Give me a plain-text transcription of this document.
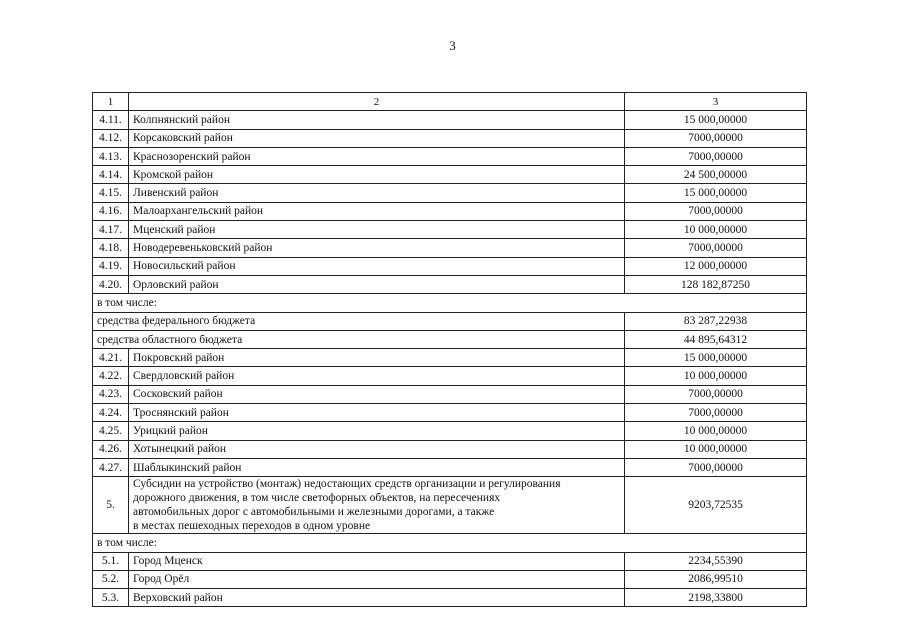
3
1	2	3
4.11.	Колпнянский район	15 000,00000
4.12.	Корсаковский район	7000,00000
4.13.	Краснозоренский район	7000,00000
4.14.	Кромской район	24 500,00000
4.15.	Ливенский район	15 000,00000
4.16.	Малоархангельский район	7000,00000
4.17.	Мценский район	10 000,00000
4.18.	Новодеревеньковский район	7000,00000
4.19.	Новосильский район	12 000,00000
4.20.	Орловский район	128 182,87250
в том числе:		
средства федерального бюджета		83 287,22938
средства областного бюджета		44 895,64312
4.21.	Покровский район	15 000,00000
4.22.	Свердловский район	10 000,00000
4.23.	Сосковский район	7000,00000
4.24.	Троснянский район	7000,00000
4.25.	Урицкий район	10 000,00000
4.26.	Хотынецкий район	10 000,00000
4.27.	Шаблыкинский район	7000,00000
5.	Субсидии на устройство (монтаж) недостающих средств организации и регулирования
дорожного движения, в том числе светофорных объектов, на пересечениях
автомобильных дорог с автомобильными и железными дорогами, а также
в местах пешеходных переходов в одном уровне	9203,72535
в том числе:		
5.1.	Город Мценск	2234,55390
5.2.	Город Орёл	2086,99510
5.3.	Верховский район	2198,33800
